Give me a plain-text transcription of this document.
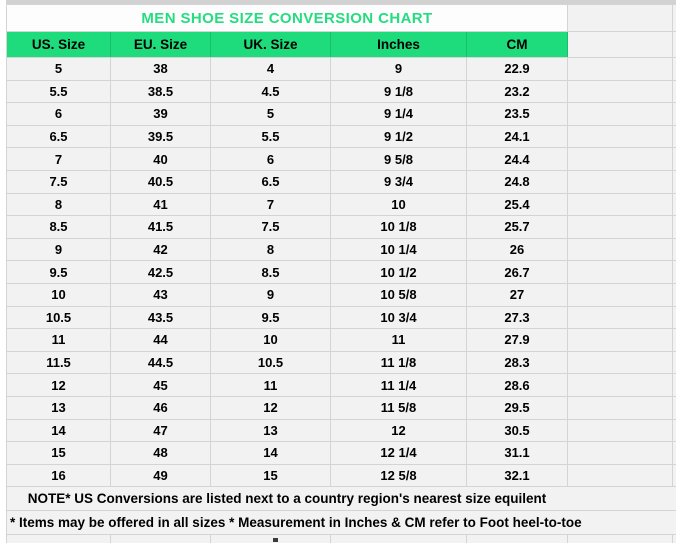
MEN SHOE SIZE CONVERSION CHART						
US. Size	EU. Size	UK. Size	Inches	CM		
5	38	4	9	22.9		
5.5	38.5	4.5	9 1/8	23.2		
6	39	5	9 1/4	23.5		
6.5	39.5	5.5	9 1/2	24.1		
7	40	6	9 5/8	24.4		
7.5	40.5	6.5	9 3/4	24.8		
8	41	7	10	25.4		
8.5	41.5	7.5	10 1/8	25.7		
9	42	8	10 1/4	26		
9.5	42.5	8.5	10 1/2	26.7		
10	43	9	10 5/8	27		
10.5	43.5	9.5	10 3/4	27.3		
11	44	10	11	27.9		
11.5	44.5	10.5	11 1/8	28.3		
12	45	11	11 1/4	28.6		
13	46	12	11 5/8	29.5		
14	47	13	12	30.5		
15	48	14	12 1/4	31.1		
16	49	15	12 5/8	32.1		
NOTE* US Conversions are listed next to a country region's nearest size equilent						
* Items may be offered in all sizes * Measurement in Inches & CM refer to Foot heel-to-toe						
